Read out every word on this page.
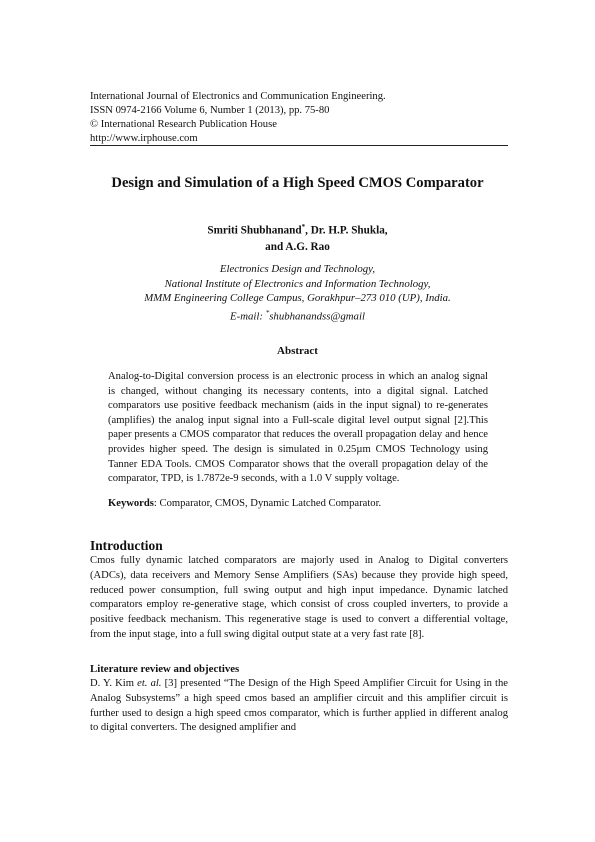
International Journal of Electronics and Communication Engineering.
ISSN 0974-2166 Volume 6, Number 1 (2013), pp. 75-80
© International Research Publication House
http://www.irphouse.com
Design and Simulation of a High Speed CMOS Comparator
Smriti Shubhanand*, Dr. H.P. Shukla,
and A.G. Rao
Electronics Design and Technology,
National Institute of Electronics and Information Technology,
MMM Engineering College Campus, Gorakhpur–273 010 (UP), India.
E-mail: *shubhanandss@gmail
Abstract
Analog-to-Digital conversion process is an electronic process in which an analog signal is changed, without changing its necessary contents, into a digital signal. Latched comparators use positive feedback mechanism (aids in the input signal) to re-generates (amplifies) the analog input signal into a Full-scale digital level output signal [2].This paper presents a CMOS comparator that reduces the overall propagation delay and hence provides higher speed. The design is simulated in 0.25µm CMOS Technology using Tanner EDA Tools. CMOS Comparator shows that the overall propagation delay of the comparator, TPD, is 1.7872e-9 seconds, with a 1.0 V supply voltage.
Keywords: Comparator, CMOS, Dynamic Latched Comparator.
Introduction
Cmos fully dynamic latched comparators are majorly used in Analog to Digital converters (ADCs), data receivers and Memory Sense Amplifiers (SAs) because they provide high speed, reduced power consumption, full swing output and high input impedance. Dynamic latched comparators employ re-generative stage, which consist of cross coupled inverters, to provide a positive feedback mechanism. This regenerative stage is used to convert a differential voltage, from the input stage, into a full swing digital output state at a very fast rate [8].
Literature review and objectives
D. Y. Kim et. al. [3] presented “The Design of the High Speed Amplifier Circuit for Using in the Analog Subsystems” a high speed cmos based an amplifier circuit and this amplifier circuit is further used to design a high speed cmos comparator, which is further applied in different analog to digital converters. The designed amplifier and
